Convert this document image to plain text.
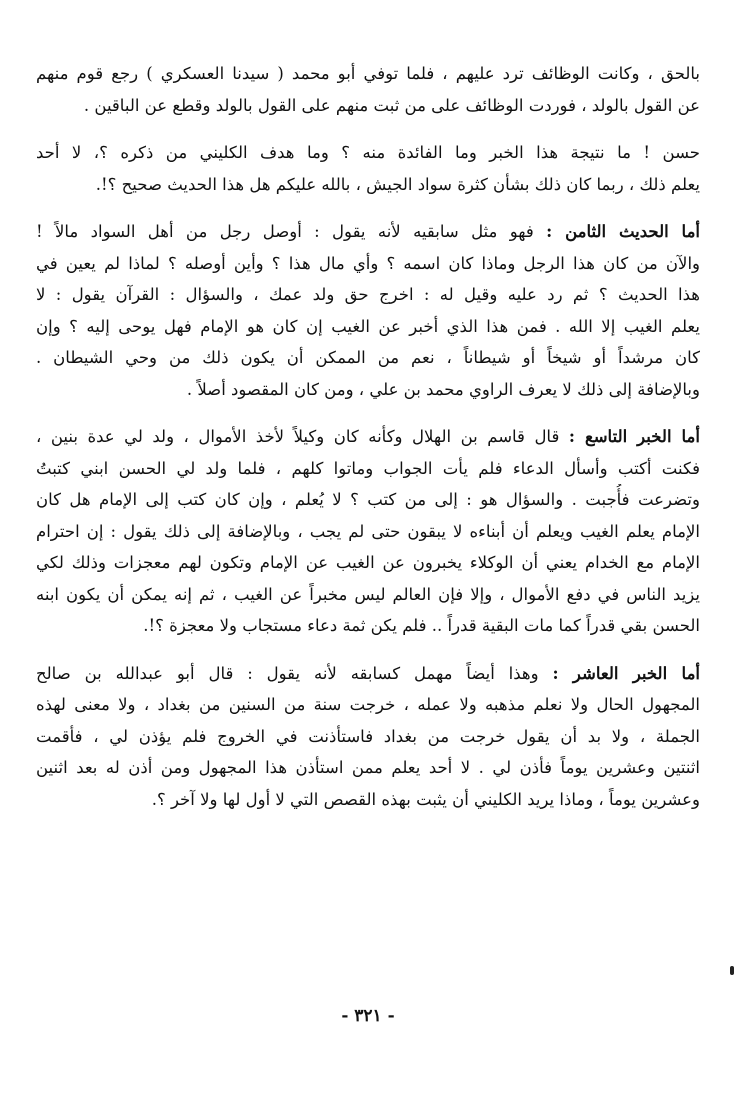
بالحق ، وكانت الوظائف ترد عليهم ، فلما توفي أبو محمد ( سيدنا العسكري ) رجع قوم منهم
عن القول بالولد ، فوردت الوظائف على من ثبت منهم على القول بالولد وقطع عن الباقين .
حسن ! ما نتيجة هذا الخبر وما الفائدة منه ؟ وما هدف الكليني من ذكره ؟، لا أحد
يعلم ذلك ، ربما كان ذلك بشأن كثرة سواد الجيش ، بالله عليكم هل هذا الحديث صحيح ؟!.
أما الحديث الثامن : فهو مثل سابقيه لأنه يقول : أوصل رجل من أهل السواد مالاً !
والآن من كان هذا الرجل وماذا كان اسمه ؟ وأي مال هذا ؟ وأين أوصله ؟ لماذا لم يعين في
هذا الحديث ؟ ثم رد عليه وقيل له : اخرج حق ولد عمك ، والسؤال : القرآن يقول : لا
يعلم الغيب إلا الله . فمن هذا الذي أخبر عن الغيب إن كان هو الإمام فهل يوحى إليه ؟ وإن
كان مرشداً أو شيخاً أو شيطاناً ، نعم من الممكن أن يكون ذلك من وحي الشيطان .
وبالإضافة إلى ذلك لا يعرف الراوي محمد بن علي ، ومن كان المقصود أصلاً .
أما الخبر التاسع : قال قاسم بن الهلال وكأنه كان وكيلاً لأخذ الأموال ، ولد لي عدة بنين ،
فكنت أكتب وأسأل الدعاء فلم يأت الجواب وماتوا كلهم ، فلما ولد لي الحسن ابني كتبتُ
وتضرعت فأُجبت . والسؤال هو : إلى من كتب ؟ لا يُعلم ، وإن كان كتب إلى الإمام هل كان
الإمام يعلم الغيب ويعلم أن أبناءه لا يبقون حتى لم يجب ، وبالإضافة إلى ذلك يقول : إن احترام
الإمام مع الخدام يعني أن الوكلاء يخبرون عن الغيب عن الإمام وتكون لهم معجزات وذلك لكي
يزيد الناس في دفع الأموال ، وإلا فإن العالم ليس مخبراً عن الغيب ، ثم إنه يمكن أن يكون ابنه
الحسن بقي قدراً كما مات البقية قدراً .. فلم يكن ثمة دعاء مستجاب ولا معجزة ؟!.
أما الخبر العاشر : وهذا أيضاً مهمل كسابقه لأنه يقول : قال أبو عبدالله بن صالح
المجهول الحال ولا نعلم مذهبه ولا عمله ، خرجت سنة من السنين من بغداد ، ولا معنى لهذه
الجملة ، ولا بد أن يقول خرجت من بغداد فاستأذنت في الخروج فلم يؤذن لي ، فأقمت
اثنتين وعشرين يوماً فأذن لي . لا أحد يعلم ممن استأذن هذا المجهول ومن أذن له بعد اثنين
وعشرين يوماً ، وماذا يريد الكليني أن يثبت بهذه القصص التي لا أول لها ولا آخر ؟.
- ٣٢١ -
